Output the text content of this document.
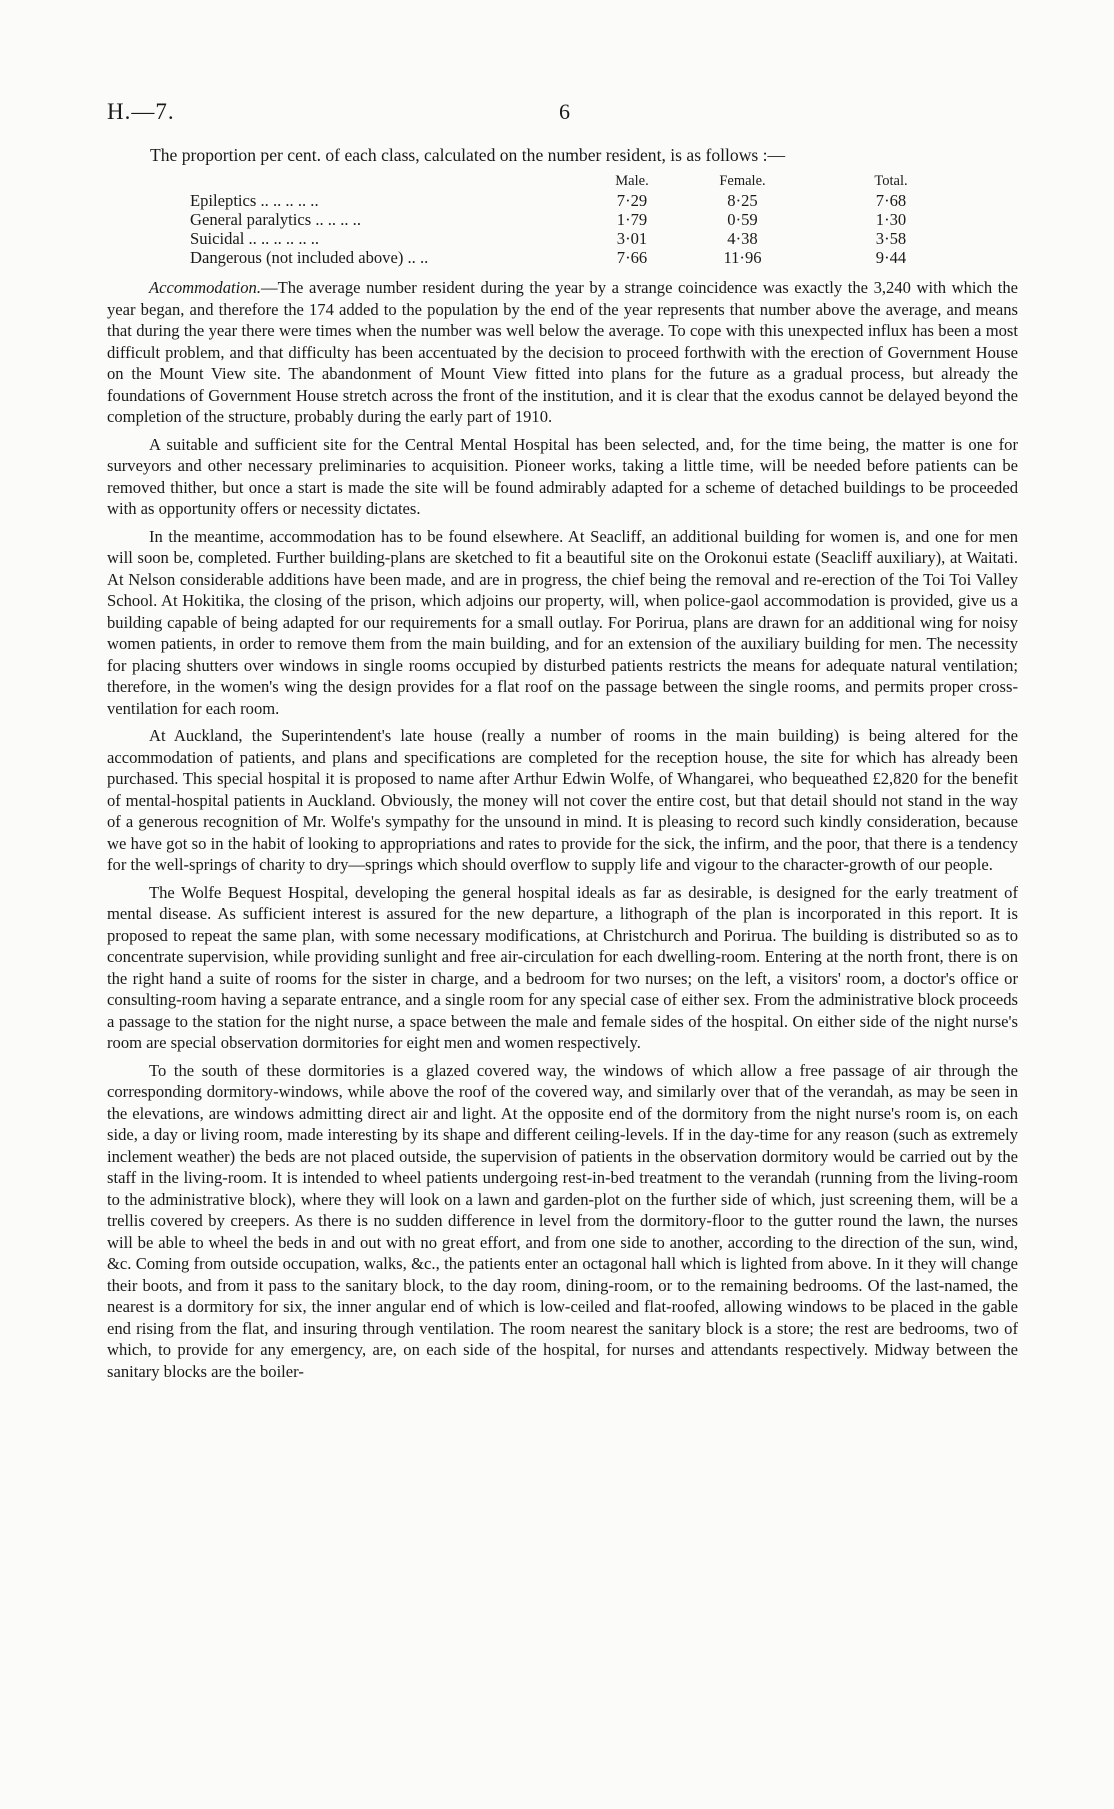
H.—7.	6
The proportion per cent. of each class, calculated on the number resident, is as follows :—
	Male.	Female.	Total.
Epileptics .. .. .. .. ..	7·29	8·25	7·68
General paralytics .. .. .. ..	1·79	0·59	1·30
Suicidal .. .. .. .. .. ..	3·01	4·38	3·58
Dangerous (not included above) .. ..	7·66	11·96	9·44

Accommodation.—The average number resident during the year by a strange coincidence was exactly the 3,240 with which the year began, and therefore the 174 added to the population by the end of the year represents that number above the average, and means that during the year there were times when the number was well below the average. To cope with this unexpected influx has been a most difficult problem, and that difficulty has been accentuated by the decision to proceed forthwith with the erection of Government House on the Mount View site. The abandonment of Mount View fitted into plans for the future as a gradual process, but already the foundations of Government House stretch across the front of the institution, and it is clear that the exodus cannot be delayed beyond the completion of the structure, probably during the early part of 1910.

A suitable and sufficient site for the Central Mental Hospital has been selected, and, for the time being, the matter is one for surveyors and other necessary preliminaries to acquisition. Pioneer works, taking a little time, will be needed before patients can be removed thither, but once a start is made the site will be found admirably adapted for a scheme of detached buildings to be proceeded with as opportunity offers or necessity dictates.

In the meantime, accommodation has to be found elsewhere. At Seacliff, an additional building for women is, and one for men will soon be, completed. Further building-plans are sketched to fit a beautiful site on the Orokonui estate (Seacliff auxiliary), at Waitati. At Nelson considerable additions have been made, and are in progress, the chief being the removal and re-erection of the Toi Toi Valley School. At Hokitika, the closing of the prison, which adjoins our property, will, when police-gaol accommodation is provided, give us a building capable of being adapted for our requirements for a small outlay. For Porirua, plans are drawn for an additional wing for noisy women patients, in order to remove them from the main building, and for an extension of the auxiliary building for men. The necessity for placing shutters over windows in single rooms occupied by disturbed patients restricts the means for adequate natural ventilation; therefore, in the women's wing the design provides for a flat roof on the passage between the single rooms, and permits proper cross-ventilation for each room.

At Auckland, the Superintendent's late house (really a number of rooms in the main building) is being altered for the accommodation of patients, and plans and specifications are completed for the reception house, the site for which has already been purchased. This special hospital it is proposed to name after Arthur Edwin Wolfe, of Whangarei, who bequeathed £2,820 for the benefit of mental-hospital patients in Auckland. Obviously, the money will not cover the entire cost, but that detail should not stand in the way of a generous recognition of Mr. Wolfe's sympathy for the unsound in mind. It is pleasing to record such kindly consideration, because we have got so in the habit of looking to appropriations and rates to provide for the sick, the infirm, and the poor, that there is a tendency for the well-springs of charity to dry—springs which should overflow to supply life and vigour to the character-growth of our people.

The Wolfe Bequest Hospital, developing the general hospital ideals as far as desirable, is designed for the early treatment of mental disease. As sufficient interest is assured for the new departure, a lithograph of the plan is incorporated in this report. It is proposed to repeat the same plan, with some necessary modifications, at Christchurch and Porirua. The building is distributed so as to concentrate supervision, while providing sunlight and free air-circulation for each dwelling-room. Entering at the north front, there is on the right hand a suite of rooms for the sister in charge, and a bedroom for two nurses; on the left, a visitors' room, a doctor's office or consulting-room having a separate entrance, and a single room for any special case of either sex. From the administrative block proceeds a passage to the station for the night nurse, a space between the male and female sides of the hospital. On either side of the night nurse's room are special observation dormitories for eight men and women respectively.

To the south of these dormitories is a glazed covered way, the windows of which allow a free passage of air through the corresponding dormitory-windows, while above the roof of the covered way, and similarly over that of the verandah, as may be seen in the elevations, are windows admitting direct air and light. At the opposite end of the dormitory from the night nurse's room is, on each side, a day or living room, made interesting by its shape and different ceiling-levels. If in the day-time for any reason (such as extremely inclement weather) the beds are not placed outside, the supervision of patients in the observation dormitory would be carried out by the staff in the living-room. It is intended to wheel patients undergoing rest-in-bed treatment to the verandah (running from the living-room to the administrative block), where they will look on a lawn and garden-plot on the further side of which, just screening them, will be a trellis covered by creepers. As there is no sudden difference in level from the dormitory-floor to the gutter round the lawn, the nurses will be able to wheel the beds in and out with no great effort, and from one side to another, according to the direction of the sun, wind, &c. Coming from outside occupation, walks, &c., the patients enter an octagonal hall which is lighted from above. In it they will change their boots, and from it pass to the sanitary block, to the day room, dining-room, or to the remaining bedrooms. Of the last-named, the nearest is a dormitory for six, the inner angular end of which is low-ceiled and flat-roofed, allowing windows to be placed in the gable end rising from the flat, and insuring through ventilation. The room nearest the sanitary block is a store; the rest are bedrooms, two of which, to provide for any emergency, are, on each side of the hospital, for nurses and attendants respectively. Midway between the sanitary blocks are the boiler-
